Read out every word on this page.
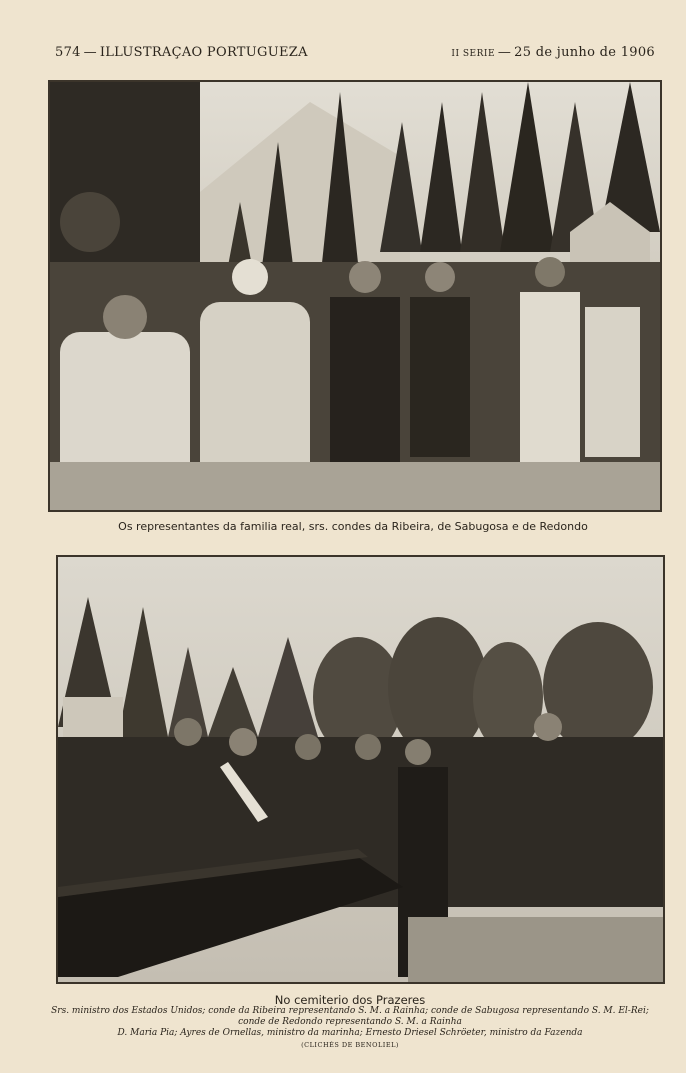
574 — ILLUSTRAÇAO PORTUGUEZA	II SERIE — 25 de junho de 1906
Os representantes da familia real, srs. condes da Ribeira, de Sabugosa e de Redondo
No cemiterio dos Prazeres
Srs. ministro dos Estados Unidos; conde da Ribeira representando S. M. a Rainha; conde de Sabugosa representando S. M. El-Rei;
conde de Redondo representando S. M. a Rainha
D. Maria Pia; Ayres de Ornellas, ministro da marinha; Ernesto Driesel Schröeter, ministro da Fazenda
(CLICHÉS DE BENOLIEL)
